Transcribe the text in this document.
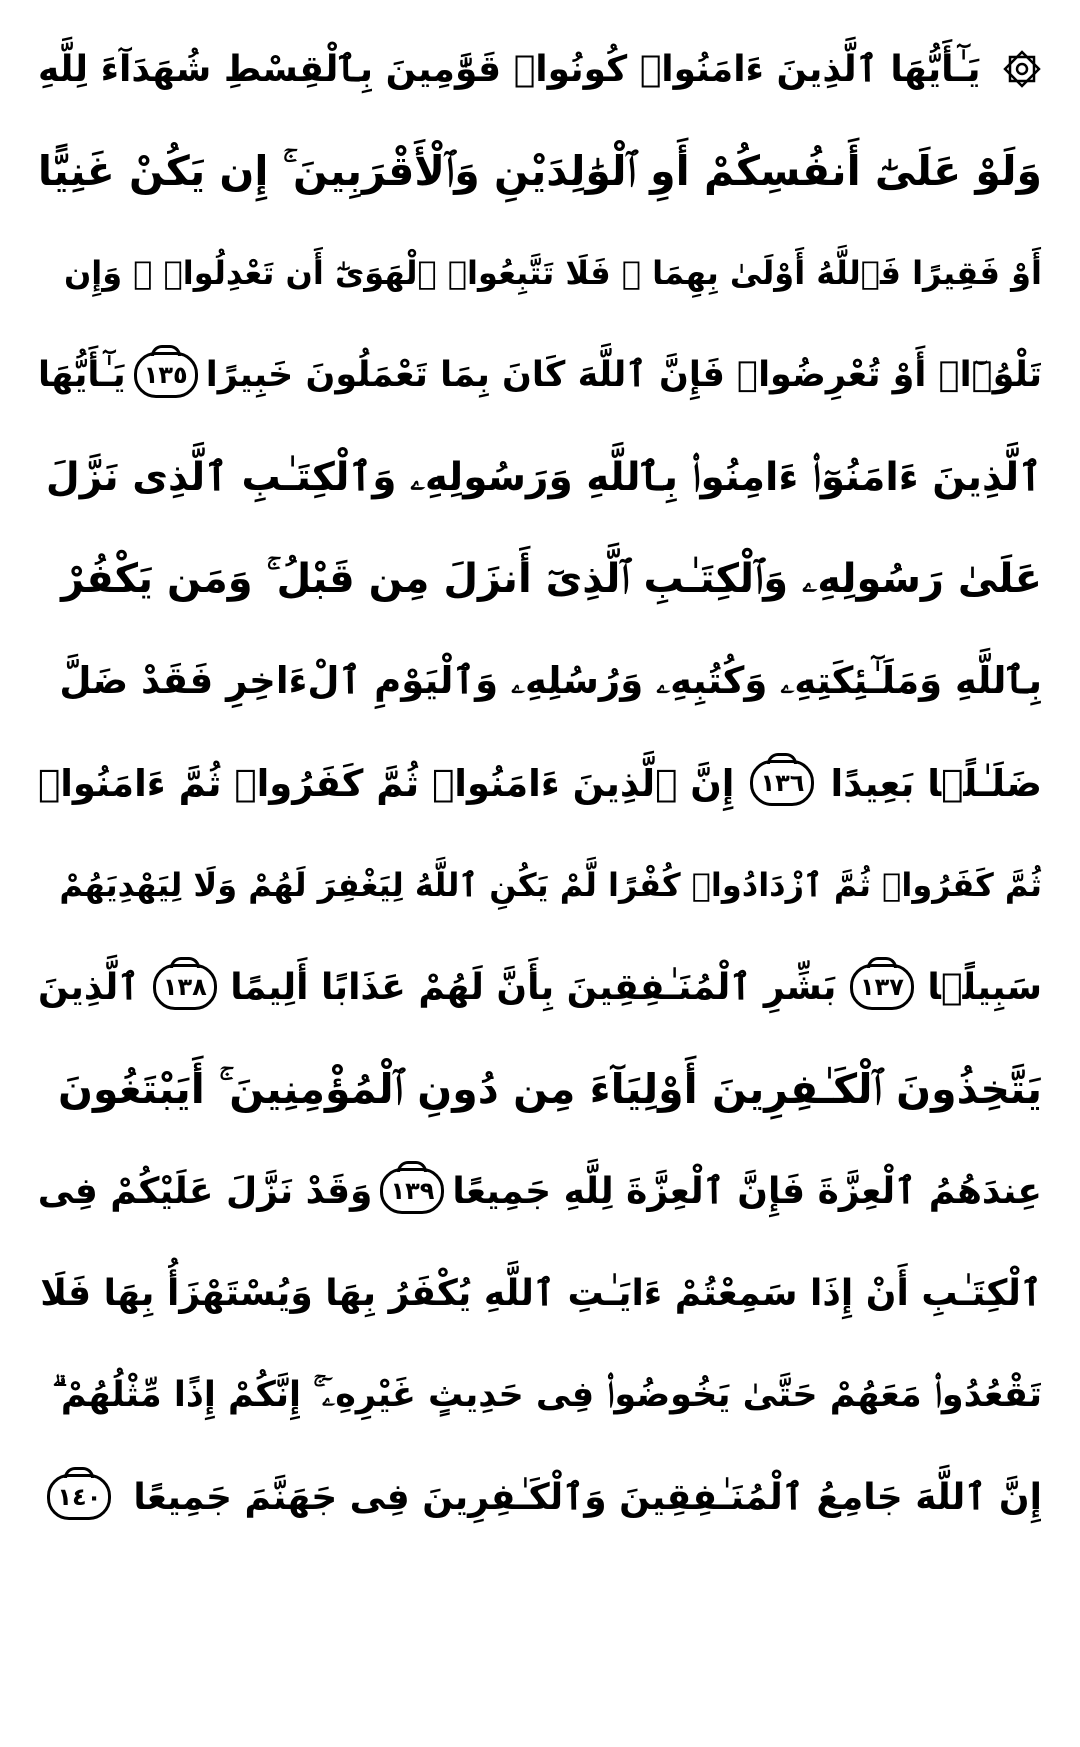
يَـٰٓأَيُّهَا ٱلَّذِينَ ءَامَنُوا۟ كُونُوا۟ قَوَّٰمِينَ بِٱلْقِسْطِ شُهَدَآءَ لِلَّهِ
وَلَوْ عَلَىٰٓ أَنفُسِكُمْ أَوِ ٱلْوَٰلِدَيْنِ وَٱلْأَقْرَبِينَ ۚ إِن يَكُنْ غَنِيًّا
أَوْ فَقِيرًا فَٱللَّهُ أَوْلَىٰ بِهِمَا ۖ فَلَا تَتَّبِعُوا۟ ٱلْهَوَىٰٓ أَن تَعْدِلُوا۟ ۚ وَإِن
تَلْوُۥٓا۟ أَوْ تُعْرِضُوا۟ فَإِنَّ ٱللَّهَ كَانَ بِمَا تَعْمَلُونَ خَبِيرًا
١٣٥
يَـٰٓأَيُّهَا
ٱلَّذِينَ ءَامَنُوٓا۟ ءَامِنُوا۟ بِٱللَّهِ وَرَسُولِهِۦ وَٱلْكِتَـٰبِ ٱلَّذِى نَزَّلَ
عَلَىٰ رَسُولِهِۦ وَٱلْكِتَـٰبِ ٱلَّذِىٓ أَنزَلَ مِن قَبْلُ ۚ وَمَن يَكْفُرْ
بِٱللَّهِ وَمَلَـٰٓئِكَتِهِۦ وَكُتُبِهِۦ وَرُسُلِهِۦ وَٱلْيَوْمِ ٱلْءَاخِرِ فَقَدْ ضَلَّ
ضَلَـٰلًۢا بَعِيدًا
١٣٦
إِنَّ ٱلَّذِينَ ءَامَنُوا۟ ثُمَّ كَفَرُوا۟ ثُمَّ ءَامَنُوا۟
ثُمَّ كَفَرُوا۟ ثُمَّ ٱزْدَادُوا۟ كُفْرًا لَّمْ يَكُنِ ٱللَّهُ لِيَغْفِرَ لَهُمْ وَلَا لِيَهْدِيَهُمْ
سَبِيلًۢا
١٣٧
بَشِّرِ ٱلْمُنَـٰفِقِينَ بِأَنَّ لَهُمْ عَذَابًا أَلِيمًا
١٣٨
ٱلَّذِينَ
يَتَّخِذُونَ ٱلْكَـٰفِرِينَ أَوْلِيَآءَ مِن دُونِ ٱلْمُؤْمِنِينَ ۚ أَيَبْتَغُونَ
عِندَهُمُ ٱلْعِزَّةَ فَإِنَّ ٱلْعِزَّةَ لِلَّهِ جَمِيعًا
١٣٩
وَقَدْ نَزَّلَ عَلَيْكُمْ فِى
ٱلْكِتَـٰبِ أَنْ إِذَا سَمِعْتُمْ ءَايَـٰتِ ٱللَّهِ يُكْفَرُ بِهَا وَيُسْتَهْزَأُ بِهَا فَلَا
تَقْعُدُوا۟ مَعَهُمْ حَتَّىٰ يَخُوضُوا۟ فِى حَدِيثٍ غَيْرِهِۦٓ ۚ إِنَّكُمْ إِذًا مِّثْلُهُمْ ۗ
إِنَّ ٱللَّهَ جَامِعُ ٱلْمُنَـٰفِقِينَ وَٱلْكَـٰفِرِينَ فِى جَهَنَّمَ جَمِيعًا
١٤٠
